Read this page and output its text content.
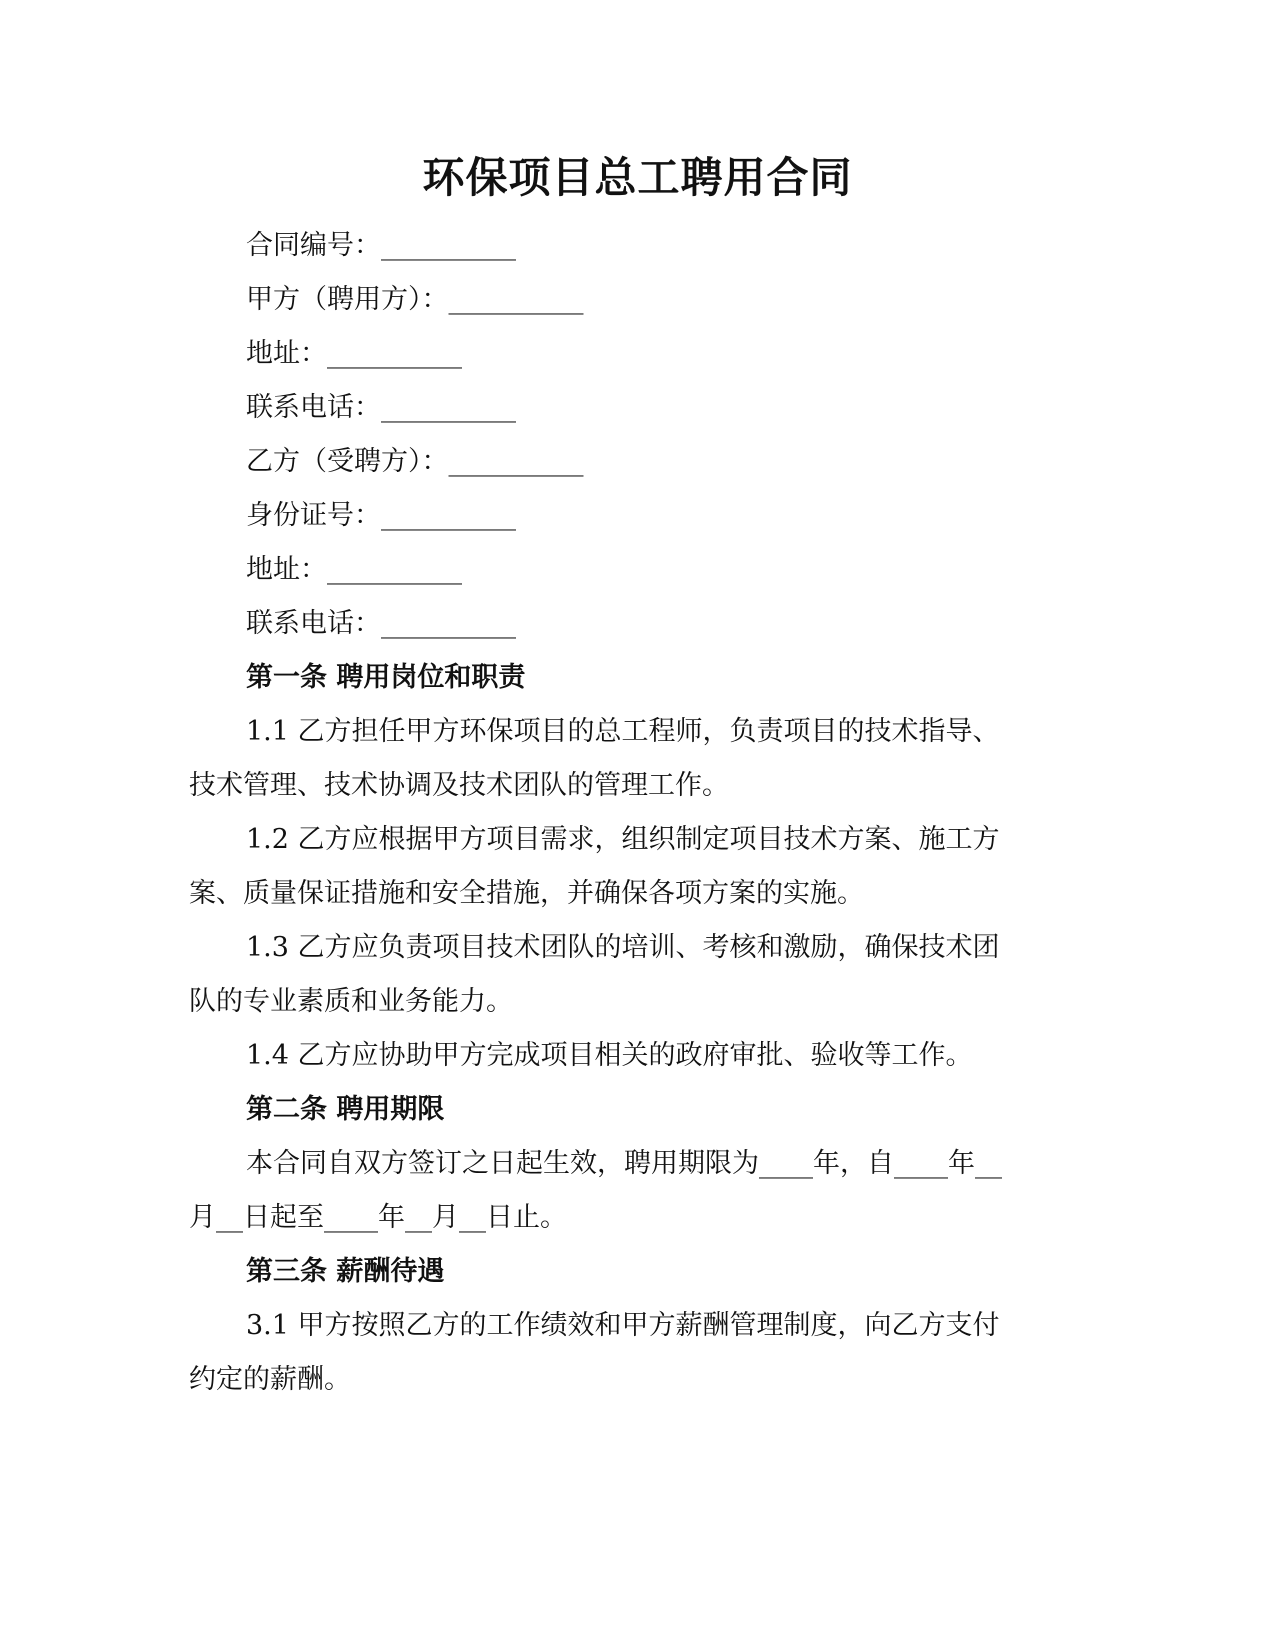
环保项目总工聘用合同

合同编号：__________

甲方（聘用方）：__________

地址：__________

联系电话：__________

乙方（受聘方）：__________

身份证号：__________

地址：__________

联系电话：__________

第一条 聘用岗位和职责

1.1 乙方担任甲方环保项目的总工程师，负责项目的技术指导、

技术管理、技术协调及技术团队的管理工作。

1.2 乙方应根据甲方项目需求，组织制定项目技术方案、施工方

案、质量保证措施和安全措施，并确保各项方案的实施。

1.3 乙方应负责项目技术团队的培训、考核和激励，确保技术团

队的专业素质和业务能力。

1.4 乙方应协助甲方完成项目相关的政府审批、验收等工作。

第二条 聘用期限

本合同自双方签订之日起生效，聘用期限为____年，自____年__

月__日起至____年__月__日止。

第三条 薪酬待遇

3.1 甲方按照乙方的工作绩效和甲方薪酬管理制度，向乙方支付

约定的薪酬。
